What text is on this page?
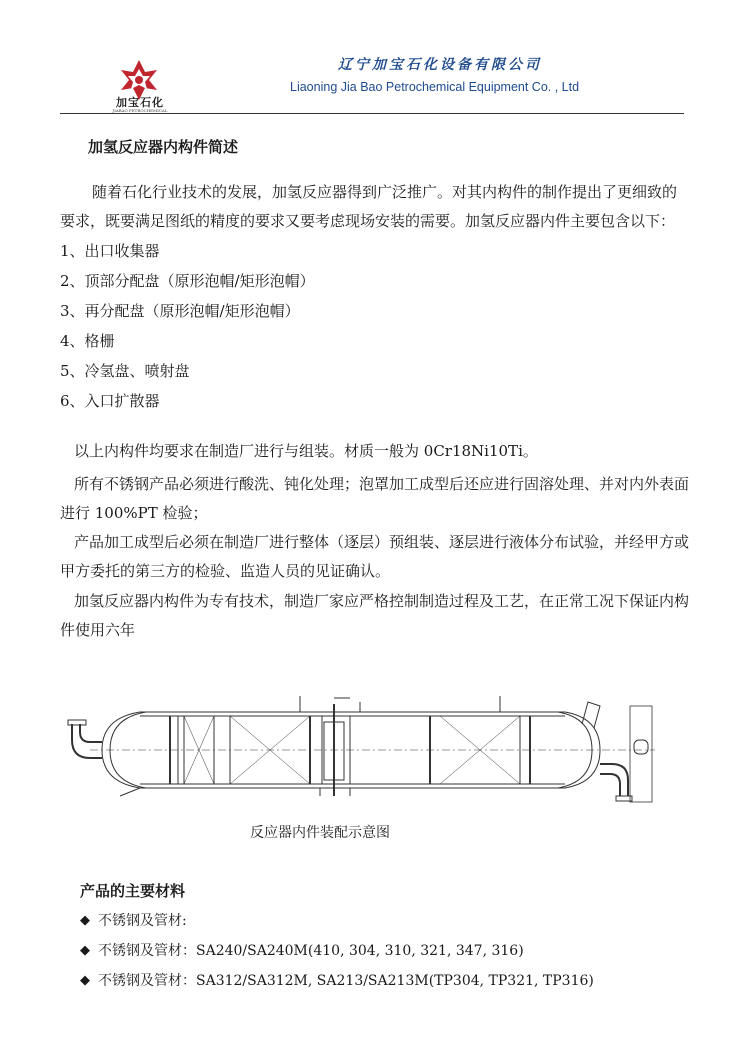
加宝石化
JIABAO PETROCHEMICAL
辽宁加宝石化设备有限公司
Liaoning Jia Bao Petrochemical Equipment Co. , Ltd
加氢反应器内构件简述
随着石化行业技术的发展，加氢反应器得到广泛推广。对其内构件的制作提出了更细致的要求，既要满足图纸的精度的要求又要考虑现场安装的需要。加氢反应器内件主要包含以下：
1、出口收集器
2、顶部分配盘（原形泡帽/矩形泡帽）
3、再分配盘（原形泡帽/矩形泡帽）
4、格栅
5、冷氢盘、喷射盘
6、入口扩散器
以上内构件均要求在制造厂进行与组装。材质一般为 0Cr18Ni10Ti。
所有不锈钢产品必须进行酸洗、钝化处理；泡罩加工成型后还应进行固溶处理、并对内外表面进行 100%PT 检验；
产品加工成型后必须在制造厂进行整体（逐层）预组装、逐层进行液体分布试验，并经甲方或甲方委托的第三方的检验、监造人员的见证确认。
加氢反应器内构件为专有技术，制造厂家应严格控制制造过程及工艺，在正常工况下保证内构件使用六年
反应器内件装配示意图
产品的主要材料
◆ 不锈钢及管材:
◆ 不锈钢及管材：SA240/SA240M(410, 304, 310, 321, 347, 316)
◆ 不锈钢及管材：SA312/SA312M, SA213/SA213M(TP304, TP321, TP316)
